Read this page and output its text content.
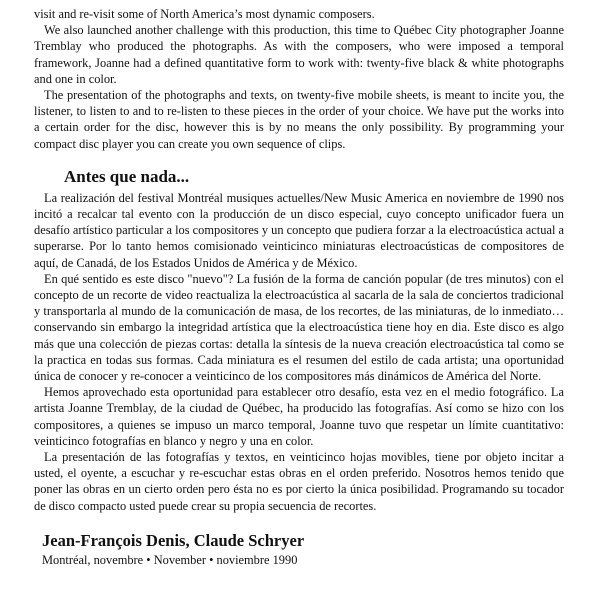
visit and re-visit some of North America’s most dynamic composers.

We also launched another challenge with this production, this time to Québec City photographer Joanne Tremblay who produced the photographs. As with the composers, who were imposed a temporal framework, Joanne had a defined quantitative form to work with: twenty-five black & white photographs and one in color.

The presentation of the photographs and texts, on twenty-five mobile sheets, is meant to incite you, the listener, to listen to and to re-listen to these pieces in the order of your choice. We have put the works into a certain order for the disc, however this is by no means the only possibility. By programming your compact disc player you can create you own sequence of clips.

Antes que nada...

La realización del festival Montréal musiques actuelles/New Music America en noviembre de 1990 nos incitó a recalcar tal evento con la producción de un disco especial, cuyo concepto unificador fuera un desafío artístico particular a los compositores y un concepto que pudiera forzar a la electroacústica actual a superarse. Por lo tanto hemos comisionado veinticinco miniaturas electroacústicas de compositores de aquí, de Canadá, de los Estados Unidos de América y de México.

En qué sentido es este disco "nuevo"? La fusión de la forma de canción popular (de tres minutos) con el concepto de un recorte de video reactualiza la electroacústica al sacarla de la sala de conciertos tradicional y transportarla al mundo de la comunicación de masa, de los recortes, de las miniaturas, de lo inmediato… conservando sin embargo la integridad artística que la electroacústica tiene hoy en dia. Este disco es algo más que una colección de piezas cortas: detalla la síntesis de la nueva creación electroacústica tal como se la practica en todas sus formas. Cada miniatura es el resumen del estilo de cada artista; una oportunidad única de conocer y re-conocer a veinticinco de los compositores más dinámicos de América del Norte.

Hemos aprovechado esta oportunidad para establecer otro desafío, esta vez en el medio fotográfico. La artista Joanne Tremblay, de la ciudad de Québec, ha producido las fotografías. Así como se hizo con los compositores, a quienes se impuso un marco temporal, Joanne tuvo que respetar un límite cuantitativo: veinticinco fotografías en blanco y negro y una en color.

La presentación de las fotografías y textos, en veinticinco hojas movibles, tiene por objeto incitar a usted, el oyente, a escuchar y re-escuchar estas obras en el orden preferido. Nosotros hemos tenido que poner las obras en un cierto orden pero ésta no es por cierto la única posibilidad. Programando su tocador de disco compacto usted puede crear su propia secuencia de recortes.

Jean-François Denis, Claude Schryer
Montréal, novembre • November • noviembre 1990
